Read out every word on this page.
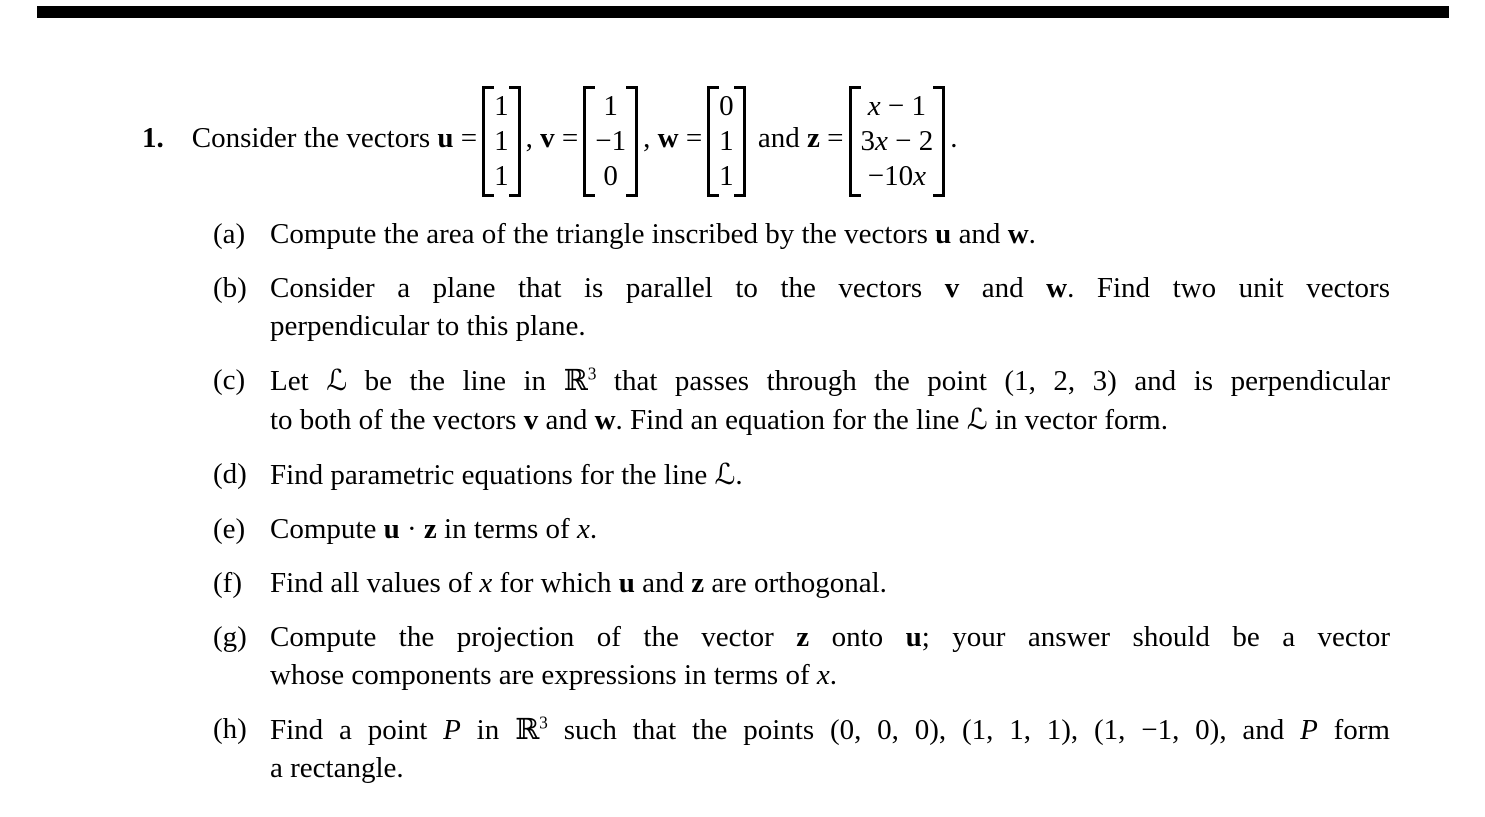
1. Consider the vectors u =
1
1
1
, v =
1
−1
0
, w =
0
1
1
and z =
x − 1
3x − 2
−10x
.
(a) Compute the area of the triangle inscribed by the vectors u and w.
(b) Consider a plane that is parallel to the vectors v and w. Find two unit vectors
perpendicular to this plane.
(c) Let ℒ be the line in ℝ$^3$ that passes through the point (1, 2, 3) and is perpendicular
to both of the vectors v and w. Find an equation for the line ℒ in vector form.
(d) Find parametric equations for the line ℒ.
(e) Compute u · z in terms of x.
(f) Find all values of x for which u and z are orthogonal.
(g) Compute the projection of the vector z onto u; your answer should be a vector
whose components are expressions in terms of x.
(h) Find a point P in ℝ$^3$ such that the points (0, 0, 0), (1, 1, 1), (1, −1, 0), and P form
a rectangle.
